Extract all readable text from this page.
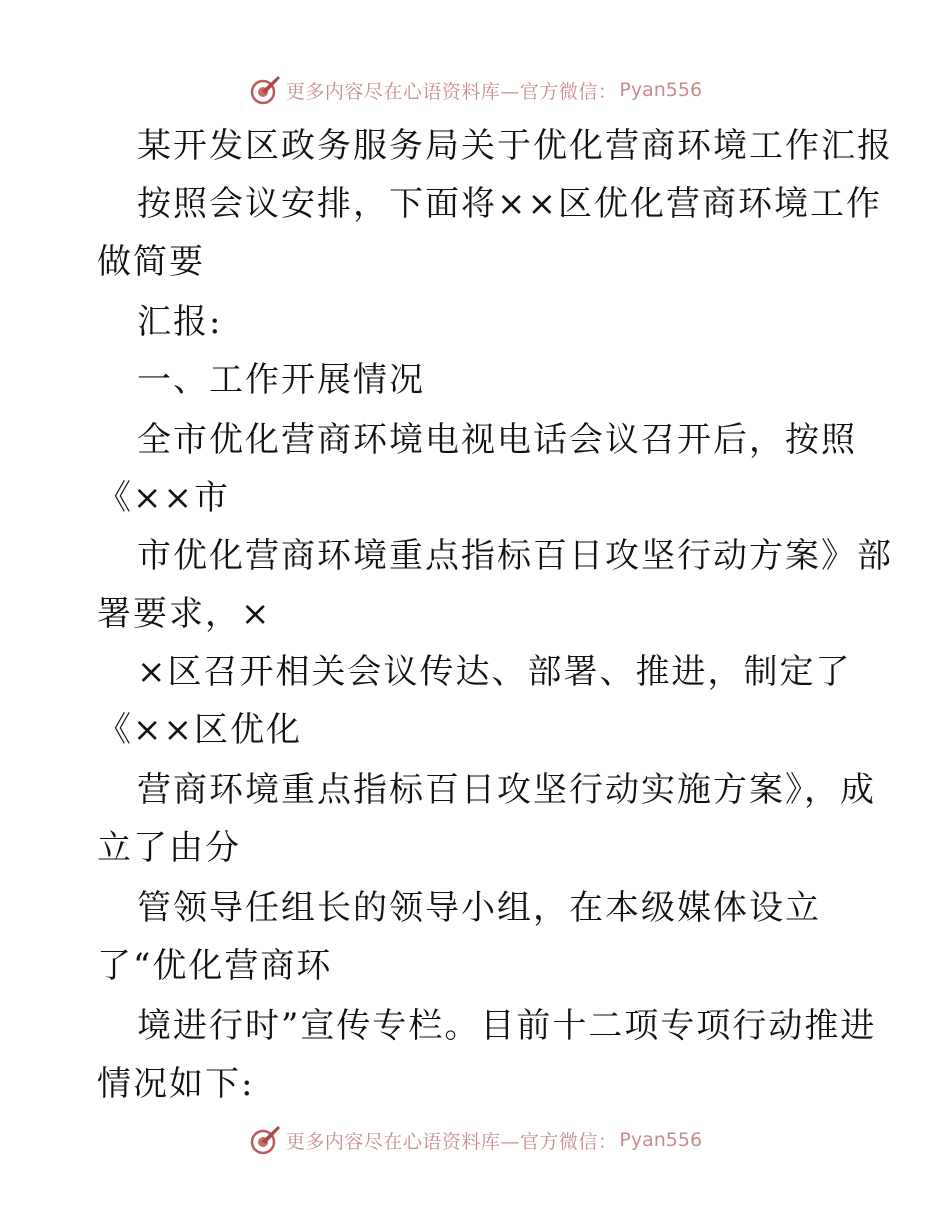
更多内容尽在心语资料库—官方微信： Pyan556
某开发区政务服务局关于优化营商环境工作汇报
按照会议安排，下面将××区优化营商环境工作
做简要
汇报:
一、工作开展情况
全市优化营商环境电视电话会议召开后，按照
《××市
市优化营商环境重点指标百日攻坚行动方案》部
署要求，×
×区召开相关会议传达、部署、推进，制定了
《××区优化
营商环境重点指标百日攻坚行动实施方案》，成
立了由分
管领导任组长的领导小组，在本级媒体设立
了“优化营商环
境进行时”宣传专栏。目前十二项专项行动推进
情况如下:
更多内容尽在心语资料库—官方微信： Pyan556
